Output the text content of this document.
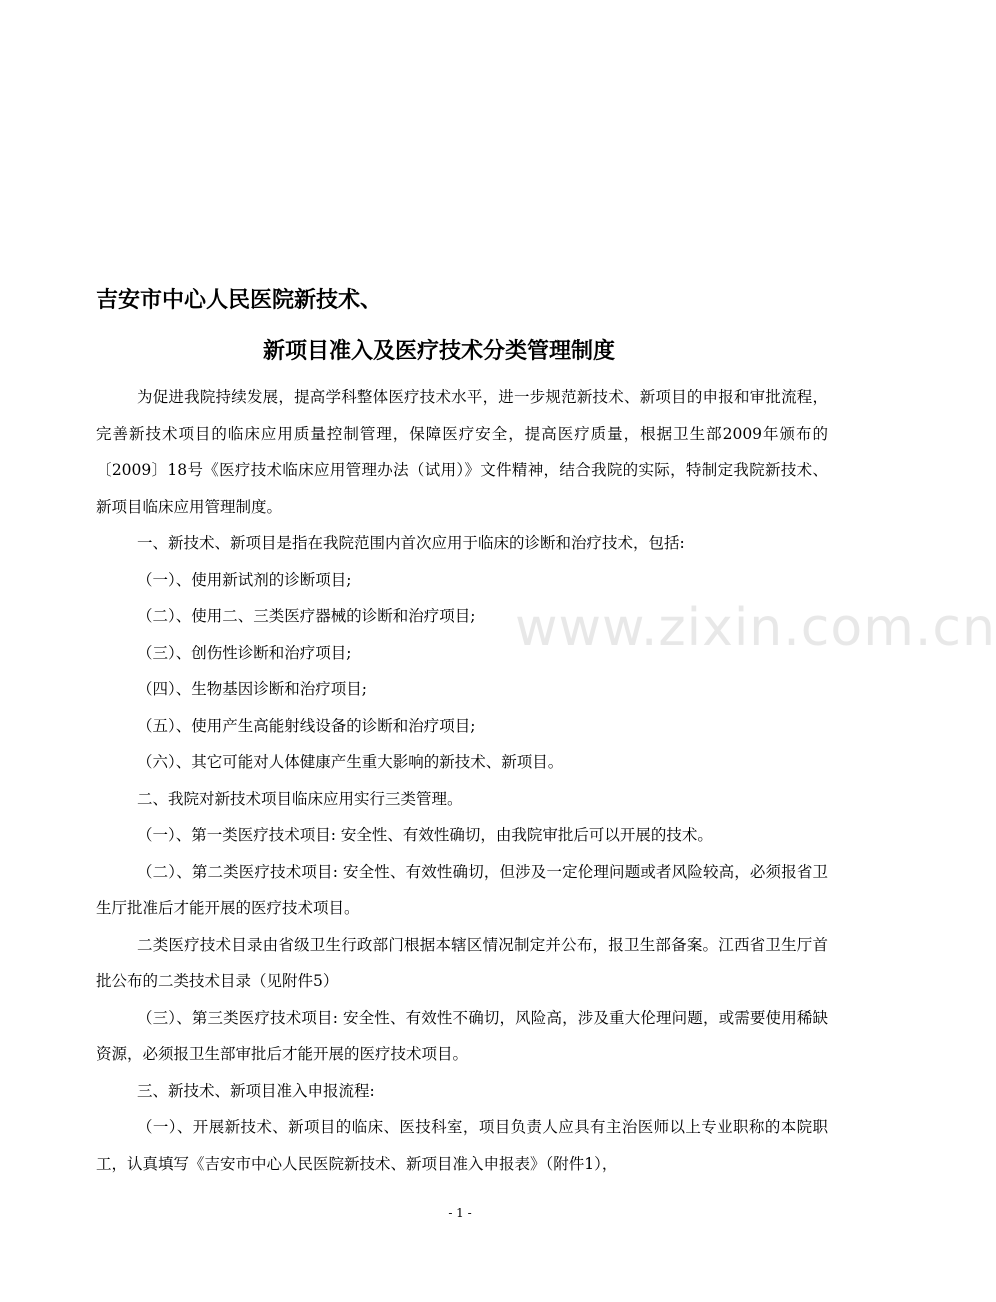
www.zixin.com.cn
吉安市中心人民医院新技术、
新项目准入及医疗技术分类管理制度

为促进我院持续发展，提高学科整体医疗技术水平，进一步规范新技术、新项目的申报和审批流程，完善新技术项目的临床应用质量控制管理，保障医疗安全，提高医疗质量，根据卫生部2009年颁布的〔2009〕18号《医疗技术临床应用管理办法（试用）》文件精神，结合我院的实际，特制定我院新技术、新项目临床应用管理制度。

一、新技术、新项目是指在我院范围内首次应用于临床的诊断和治疗技术，包括:

（一）、使用新试剂的诊断项目;

（二）、使用二、三类医疗器械的诊断和治疗项目;

（三）、创伤性诊断和治疗项目;

（四）、生物基因诊断和治疗项目;

（五）、使用产生高能射线设备的诊断和治疗项目;

（六）、其它可能对人体健康产生重大影响的新技术、新项目。

二、我院对新技术项目临床应用实行三类管理。

（一）、第一类医疗技术项目: 安全性、有效性确切，由我院审批后可以开展的技术。

（二）、第二类医疗技术项目: 安全性、有效性确切，但涉及一定伦理问题或者风险较高，必须报省卫生厅批准后才能开展的医疗技术项目。

二类医疗技术目录由省级卫生行政部门根据本辖区情况制定并公布，报卫生部备案。江西省卫生厅首批公布的二类技术目录（见附件5）

（三）、第三类医疗技术项目: 安全性、有效性不确切，风险高，涉及重大伦理问题，或需要使用稀缺资源，必须报卫生部审批后才能开展的医疗技术项目。

三、新技术、新项目准入申报流程:

（一）、开展新技术、新项目的临床、医技科室，项目负责人应具有主治医师以上专业职称的本院职工，认真填写《吉安市中心人民医院新技术、新项目准入申报表》（附件1），

- 1 -
